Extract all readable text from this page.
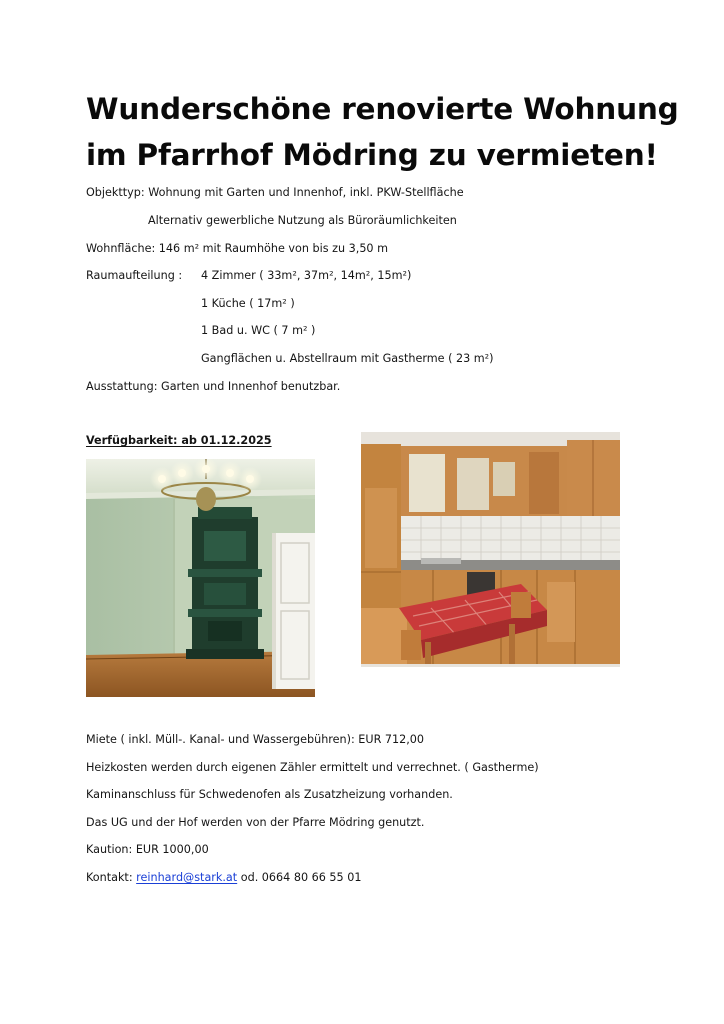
Wunderschöne renovierte Wohnung
im Pfarrhof Mödring zu vermieten!
Objekttyp: Wohnung mit Garten und Innenhof, inkl. PKW-Stellfläche
Alternativ gewerbliche Nutzung als Büroräumlichkeiten
Wohnfläche: 146 m² mit Raumhöhe von bis zu 3,50 m
Raumaufteilung : 4 Zimmer ( 33m², 37m², 14m², 15m²)
1 Küche ( 17m² )
1 Bad u. WC ( 7 m² )
Gangflächen u. Abstellraum mit Gastherme ( 23 m²)
Ausstattung: Garten und Innenhof benutzbar.
Verfügbarkeit: ab 01.12.2025
Miete ( inkl. Müll-. Kanal- und Wassergebühren): EUR 712,00
Heizkosten werden durch eigenen Zähler ermittelt und verrechnet. ( Gastherme)
Kaminanschluss für Schwedenofen als Zusatzheizung vorhanden.
Das UG und der Hof werden von der Pfarre Mödring genutzt.
Kaution: EUR 1000,00
Kontakt: reinhard@stark.at od. 0664 80 66 55 01
